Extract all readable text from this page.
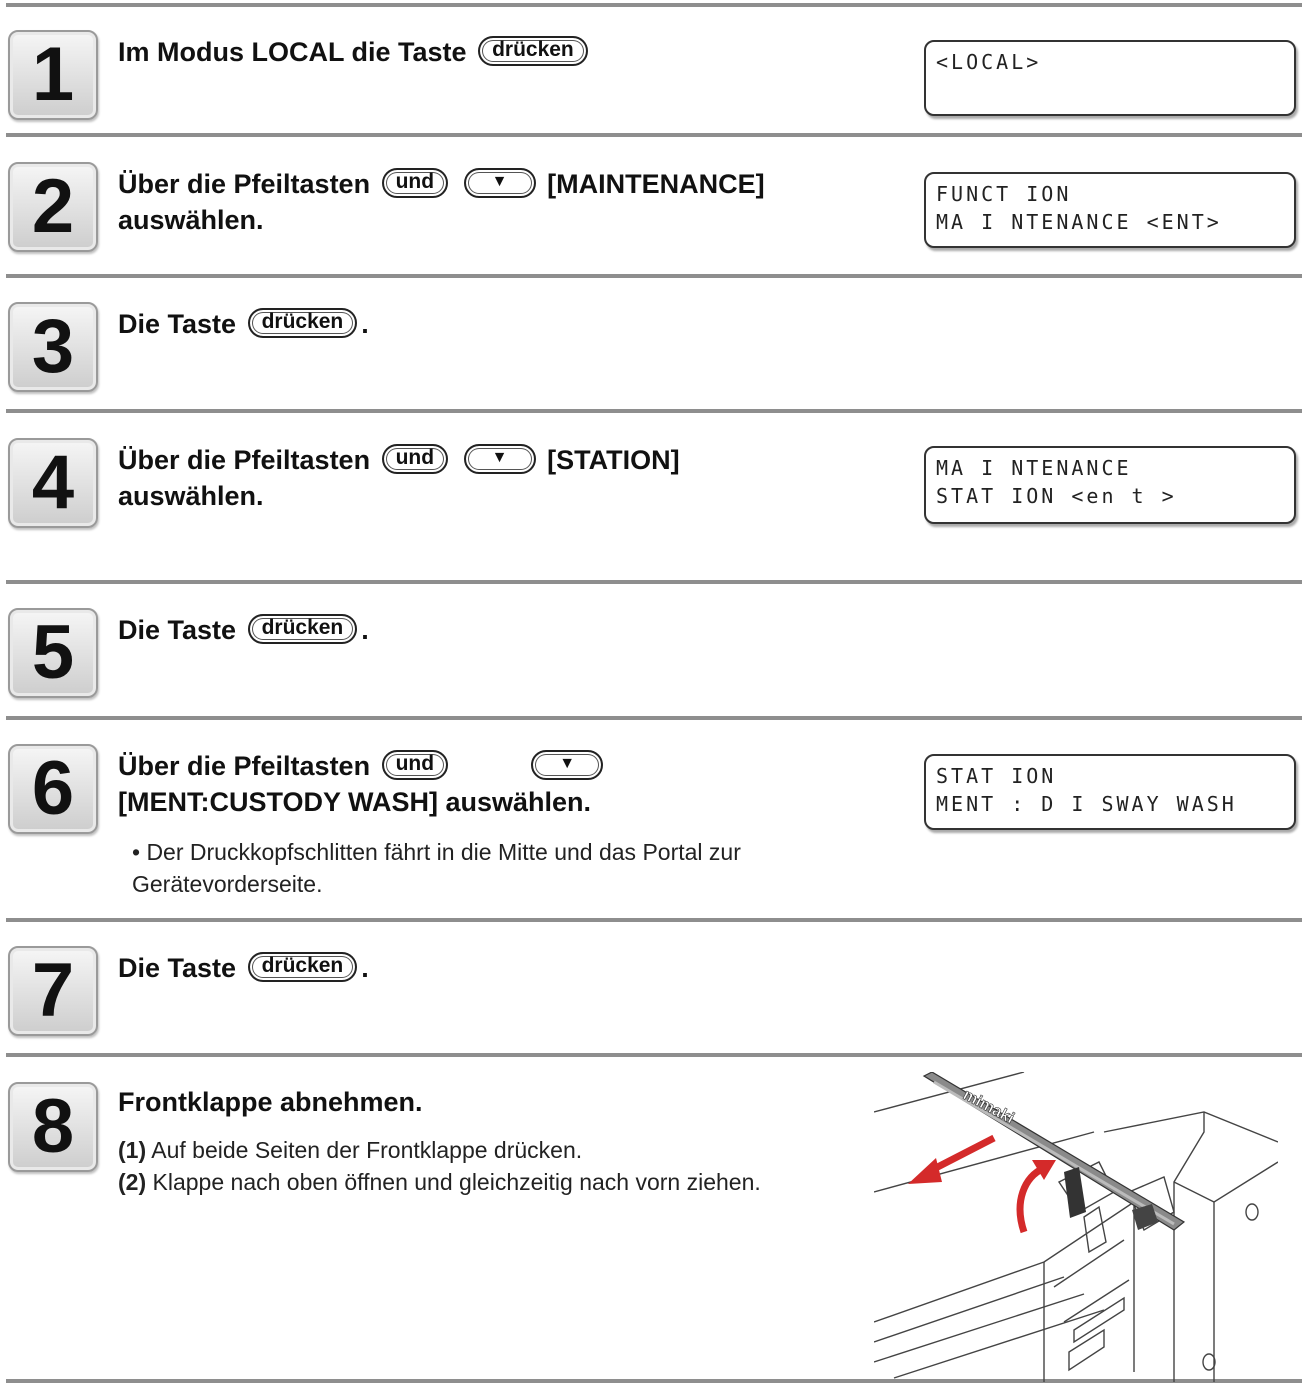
1	Im Modus LOCAL die Taste drücken

<LOCAL>
2	Über die Pfeiltasten und	▼ [MAINTENANCE]
auswählen.

FUNCT ION
MA I NTENANCE <ENT>
3	Die Taste drücken .

4	Über die Pfeiltasten und	▼ [STATION]
auswählen.

MA I NTENANCE
STAT ION <en t >
5	Die Taste drücken .

6	Über die Pfeiltasten und	▼
[MENT:CUSTODY WASH] auswählen.

• Der Druckkopfschlitten fährt in die Mitte und das Portal zur Gerätevorderseite.

STAT ION
MENT : D I SWAY WASH
7	Die Taste drücken .

8	Frontklappe abnehmen.

(1) Auf beide Seiten der Frontklappe drücken.

(2) Klappe nach oben öffnen und gleichzeitig nach vorn ziehen.

mimaki
